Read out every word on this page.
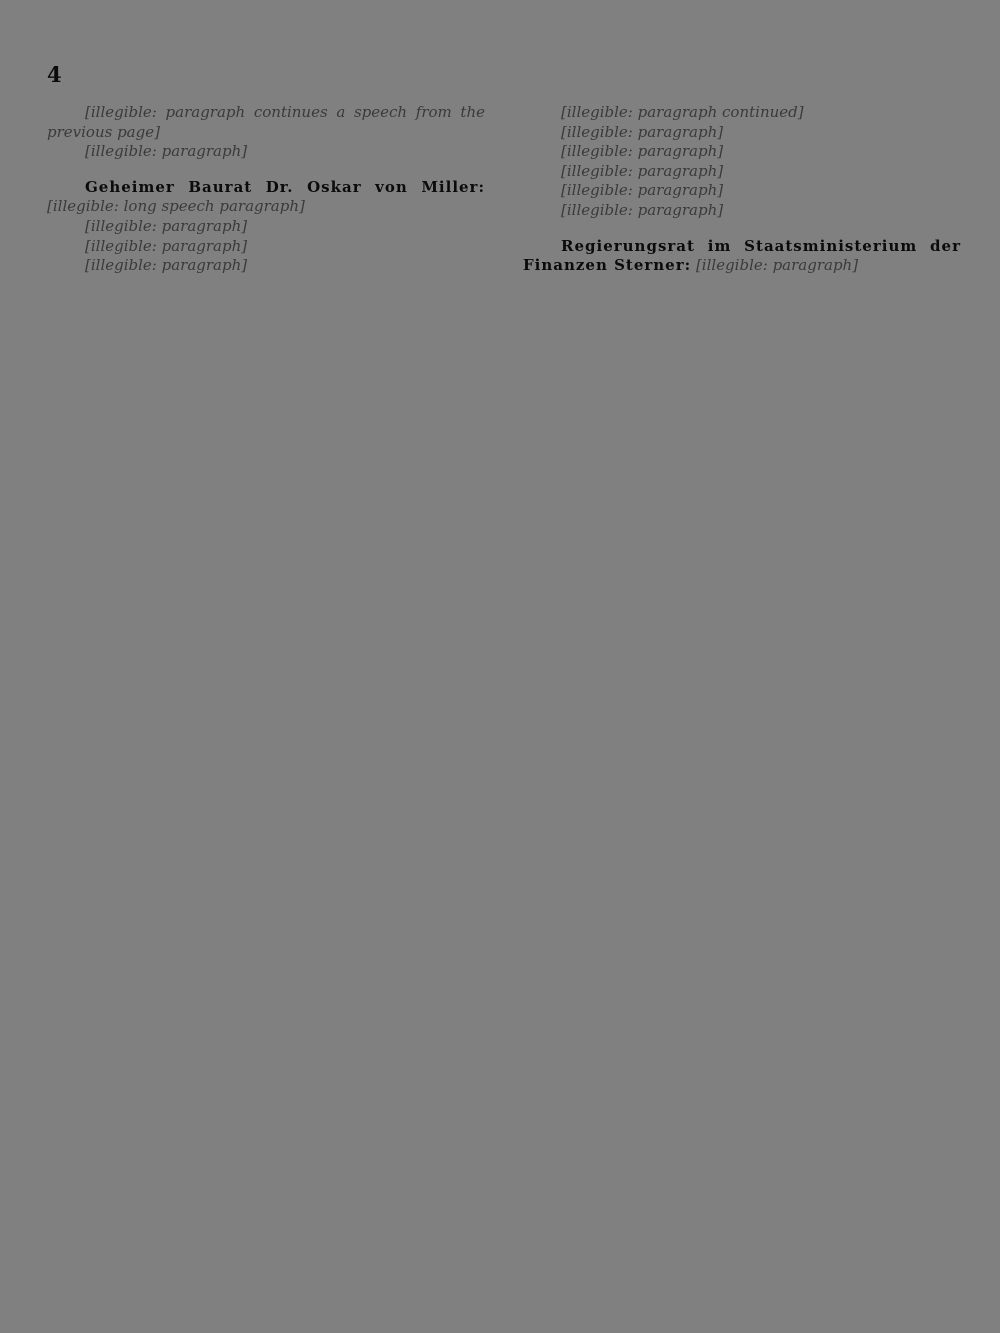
4

[illegible: paragraph continues a speech from the previous page]

[illegible: paragraph]

Geheimer Baurat Dr. Oskar von Miller: [illegible: long speech paragraph]

[illegible: paragraph]

[illegible: paragraph]

[illegible: paragraph]

[illegible: paragraph continued]

[illegible: paragraph]

[illegible: paragraph]

[illegible: paragraph]

[illegible: paragraph]

[illegible: paragraph]

Regierungsrat im Staatsministerium der Finanzen Sterner: [illegible: paragraph]
